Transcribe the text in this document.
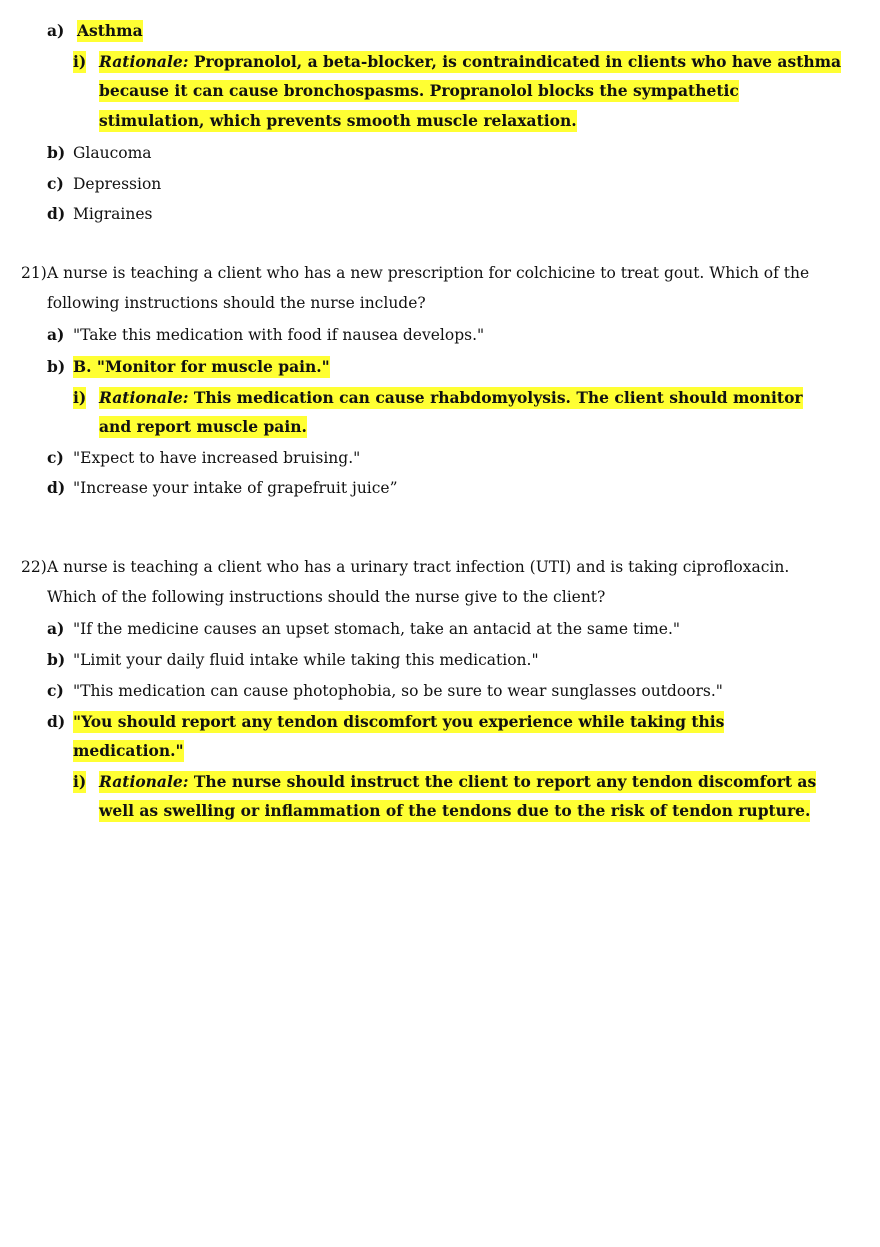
a) Asthma
i) Rationale: Propranolol, a beta-blocker, is contraindicated in clients who have asthma
because it can cause bronchospasms. Propranolol blocks the sympathetic
stimulation, which prevents smooth muscle relaxation.
b) Glaucoma
c) Depression
d) Migraines
21) A nurse is teaching a client who has a new prescription for colchicine to treat gout. Which of the
following instructions should the nurse include?
a) "Take this medication with food if nausea develops."
b) B. "Monitor for muscle pain."
i) Rationale: This medication can cause rhabdomyolysis. The client should monitor
and report muscle pain.
c) "Expect to have increased bruising."
d) "Increase your intake of grapefruit juice”
22) A nurse is teaching a client who has a urinary tract infection (UTI) and is taking ciprofloxacin.
Which of the following instructions should the nurse give to the client?
a) "If the medicine causes an upset stomach, take an antacid at the same time."
b) "Limit your daily fluid intake while taking this medication."
c) "This medication can cause photophobia, so be sure to wear sunglasses outdoors."
d) "You should report any tendon discomfort you experience while taking this
medication."
i) Rationale: The nurse should instruct the client to report any tendon discomfort as
well as swelling or inflammation of the tendons due to the risk of tendon rupture.
